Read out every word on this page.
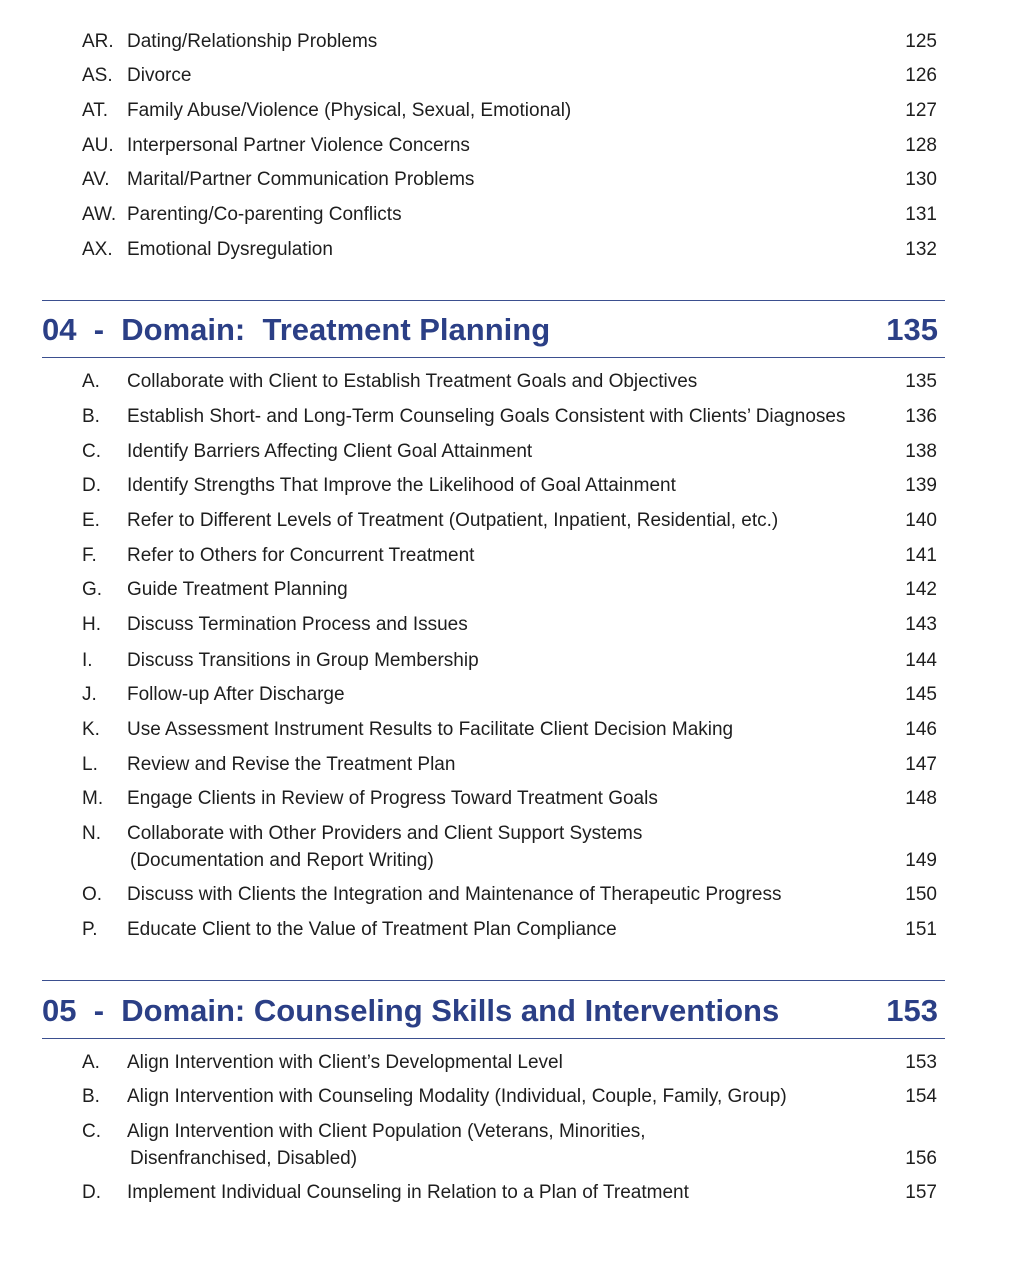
AR. Dating/Relationship Problems	125
AS. Divorce	126
AT. Family Abuse/Violence (Physical, Sexual, Emotional)	127
AU. Interpersonal Partner Violence Concerns	128
AV. Marital/Partner Communication Problems	130
AW. Parenting/Co-parenting Conflicts	131
AX. Emotional Dysregulation	132
04  -  Domain:  Treatment Planning	135
A. Collaborate with Client to Establish Treatment Goals and Objectives	135
B. Establish Short- and Long-Term Counseling Goals Consistent with Clients’ Diagnoses	136
C. Identify Barriers Affecting Client Goal Attainment	138
D. Identify Strengths That Improve the Likelihood of Goal Attainment	139
E. Refer to Different Levels of Treatment (Outpatient, Inpatient, Residential, etc.)	140
F. Refer to Others for Concurrent Treatment	141
G. Guide Treatment Planning	142
H. Discuss Termination Process and Issues	143
I. Discuss Transitions in Group Membership	144
J. Follow-up After Discharge	145
K. Use Assessment Instrument Results to Facilitate Client Decision Making	146
L. Review and Revise the Treatment Plan	147
M. Engage Clients in Review of Progress Toward Treatment Goals	148
N. Collaborate with Other Providers and Client Support Systems
(Documentation and Report Writing)	149
O. Discuss with Clients the Integration and Maintenance of Therapeutic Progress	150
P. Educate Client to the Value of Treatment Plan Compliance	151
05  -  Domain: Counseling Skills and Interventions	153
A. Align Intervention with Client’s Developmental Level	153
B. Align Intervention with Counseling Modality (Individual, Couple, Family, Group)	154
C. Align Intervention with Client Population (Veterans, Minorities,
Disenfranchised, Disabled)	156
D. Implement Individual Counseling in Relation to a Plan of Treatment	157
